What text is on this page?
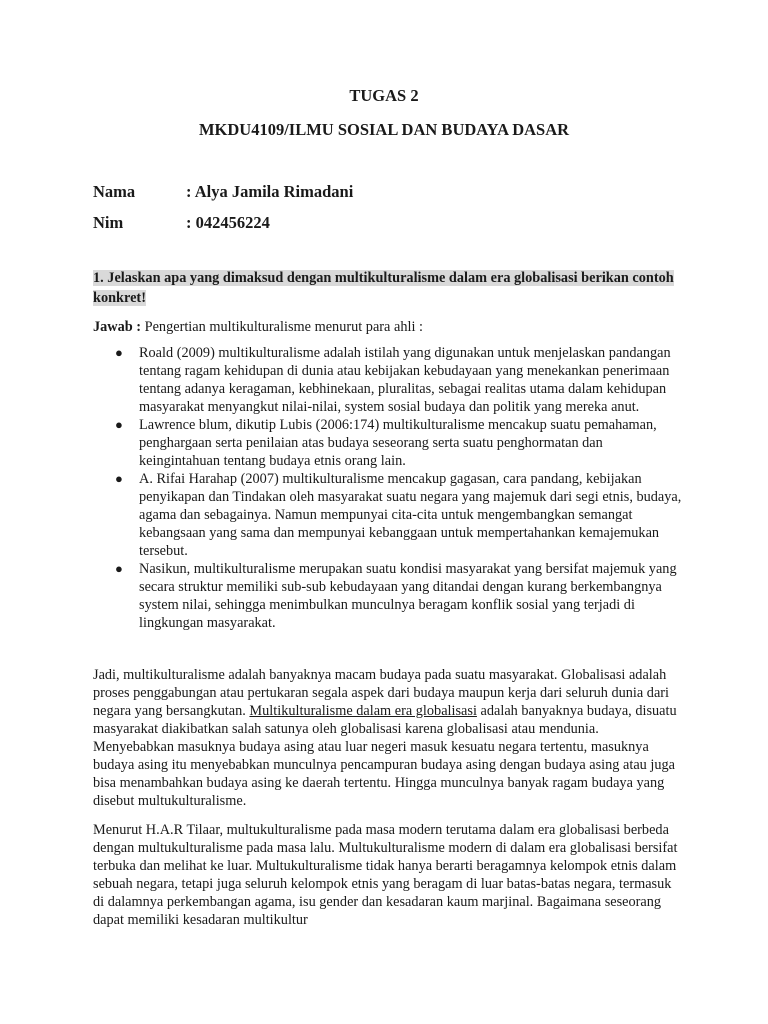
TUGAS 2
MKDU4109/ILMU SOSIAL DAN BUDAYA DASAR
Nama	: Alya Jamila Rimadani
Nim	: 042456224
1. Jelaskan apa yang dimaksud dengan multikulturalisme dalam era globalisasi berikan contoh konkret!
Jawab : Pengertian multikulturalisme menurut para ahli :
● Roald (2009) multikulturalisme adalah istilah yang digunakan untuk menjelaskan pandangan tentang ragam kehidupan di dunia atau kebijakan kebudayaan yang menekankan penerimaan tentang adanya keragaman, kebhinekaan, pluralitas, sebagai realitas utama dalam kehidupan masyarakat menyangkut nilai-nilai, system sosial budaya dan politik yang mereka anut.
● Lawrence blum, dikutip Lubis (2006:174) multikulturalisme mencakup suatu pemahaman, penghargaan serta penilaian atas budaya seseorang serta suatu penghormatan dan keingintahuan tentang budaya etnis orang lain.
● A. Rifai Harahap (2007) multikulturalisme mencakup gagasan, cara pandang, kebijakan penyikapan dan Tindakan oleh masyarakat suatu negara yang majemuk dari segi etnis, budaya, agama dan sebagainya. Namun mempunyai cita-cita untuk mengembangkan semangat kebangsaan yang sama dan mempunyai kebanggaan untuk mempertahankan kemajemukan tersebut.
● Nasikun, multikulturalisme merupakan suatu kondisi masyarakat yang bersifat majemuk yang secara struktur memiliki sub-sub kebudayaan yang ditandai dengan kurang berkembangnya system nilai, sehingga menimbulkan munculnya beragam konflik sosial yang terjadi di lingkungan masyarakat.
Jadi, multikulturalisme adalah banyaknya macam budaya pada suatu masyarakat. Globalisasi adalah proses penggabungan atau pertukaran segala aspek dari budaya maupun kerja dari seluruh dunia dari negara yang bersangkutan. Multikulturalisme dalam era globalisasi adalah banyaknya budaya, disuatu masyarakat diakibatkan salah satunya oleh globalisasi karena globalisasi atau mendunia. Menyebabkan masuknya budaya asing atau luar negeri masuk kesuatu negara tertentu, masuknya budaya asing itu menyebabkan munculnya pencampuran budaya asing dengan budaya asing atau juga bisa menambahkan budaya asing ke daerah tertentu. Hingga munculnya banyak ragam budaya yang disebut multukulturalisme.
Menurut H.A.R Tilaar, multukulturalisme pada masa modern terutama dalam era globalisasi berbeda dengan multukulturalisme pada masa lalu. Multukulturalisme modern di dalam era globalisasi bersifat terbuka dan melihat ke luar. Multukulturalisme tidak hanya berarti beragamnya kelompok etnis dalam sebuah negara, tetapi juga seluruh kelompok etnis yang beragam di luar batas-batas negara, termasuk di dalamnya perkembangan agama, isu gender dan kesadaran kaum marjinal. Bagaimana seseorang dapat memiliki kesadaran multikultur
